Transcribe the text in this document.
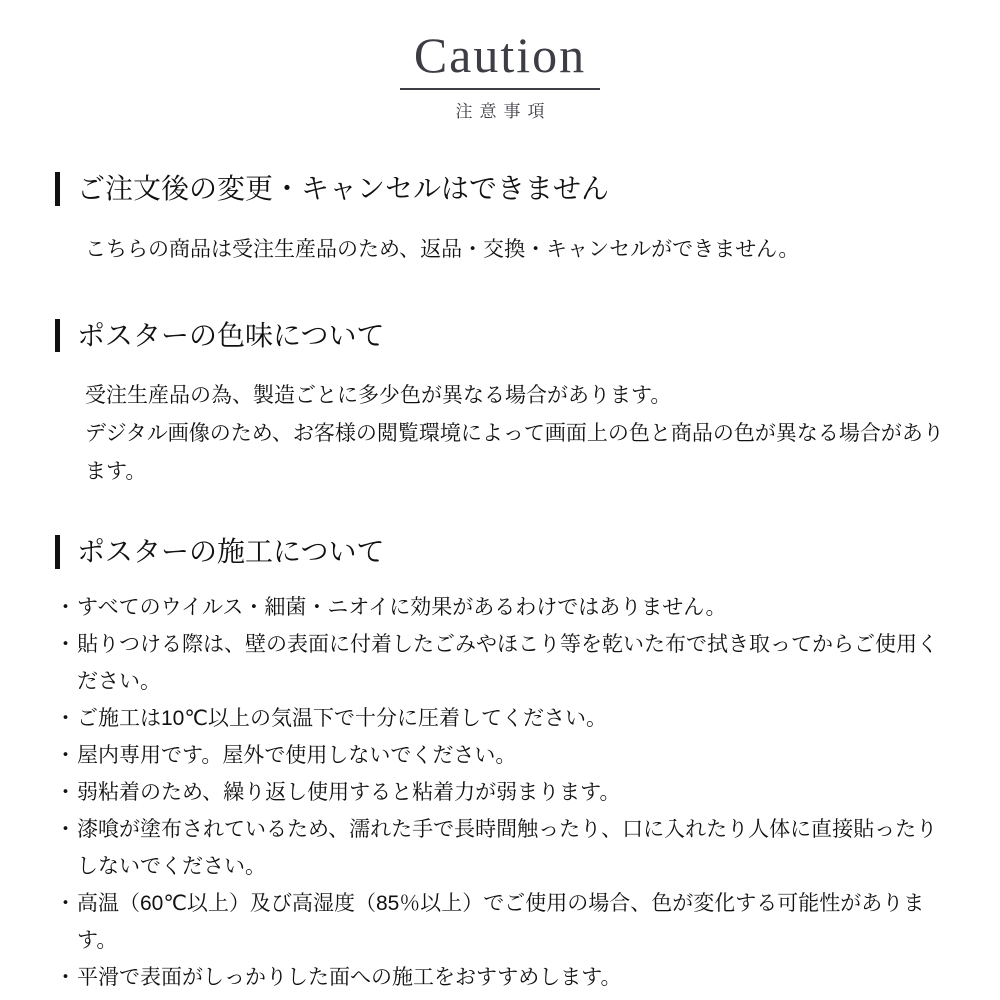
Caution
注意事項
ご注文後の変更・キャンセルはできません

こちらの商品は受注生産品のため、返品・交換・キャンセルができません。

ポスターの色味について

受注生産品の為、製造ごとに多少色が異なる場合があります。

デジタル画像のため、お客様の閲覧環境によって画面上の色と商品の色が異なる場合があります。

ポスターの施工について
・ すべてのウイルス・細菌・ニオイに効果があるわけではありません。
・ 貼りつける際は、壁の表面に付着したごみやほこり等を乾いた布で拭き取ってからご使用ください。
・ ご施工は10℃以上の気温下で十分に圧着してください。
・ 屋内専用です。屋外で使用しないでください。
・ 弱粘着のため、繰り返し使用すると粘着力が弱まります。
・ 漆喰が塗布されているため、濡れた手で長時間触ったり、口に入れたり人体に直接貼ったりしないでください。
・ 高温（60℃以上）及び高湿度（85％以上）でご使用の場合、色が変化する可能性があります。
・ 平滑で表面がしっかりした面への施工をおすすめします。
